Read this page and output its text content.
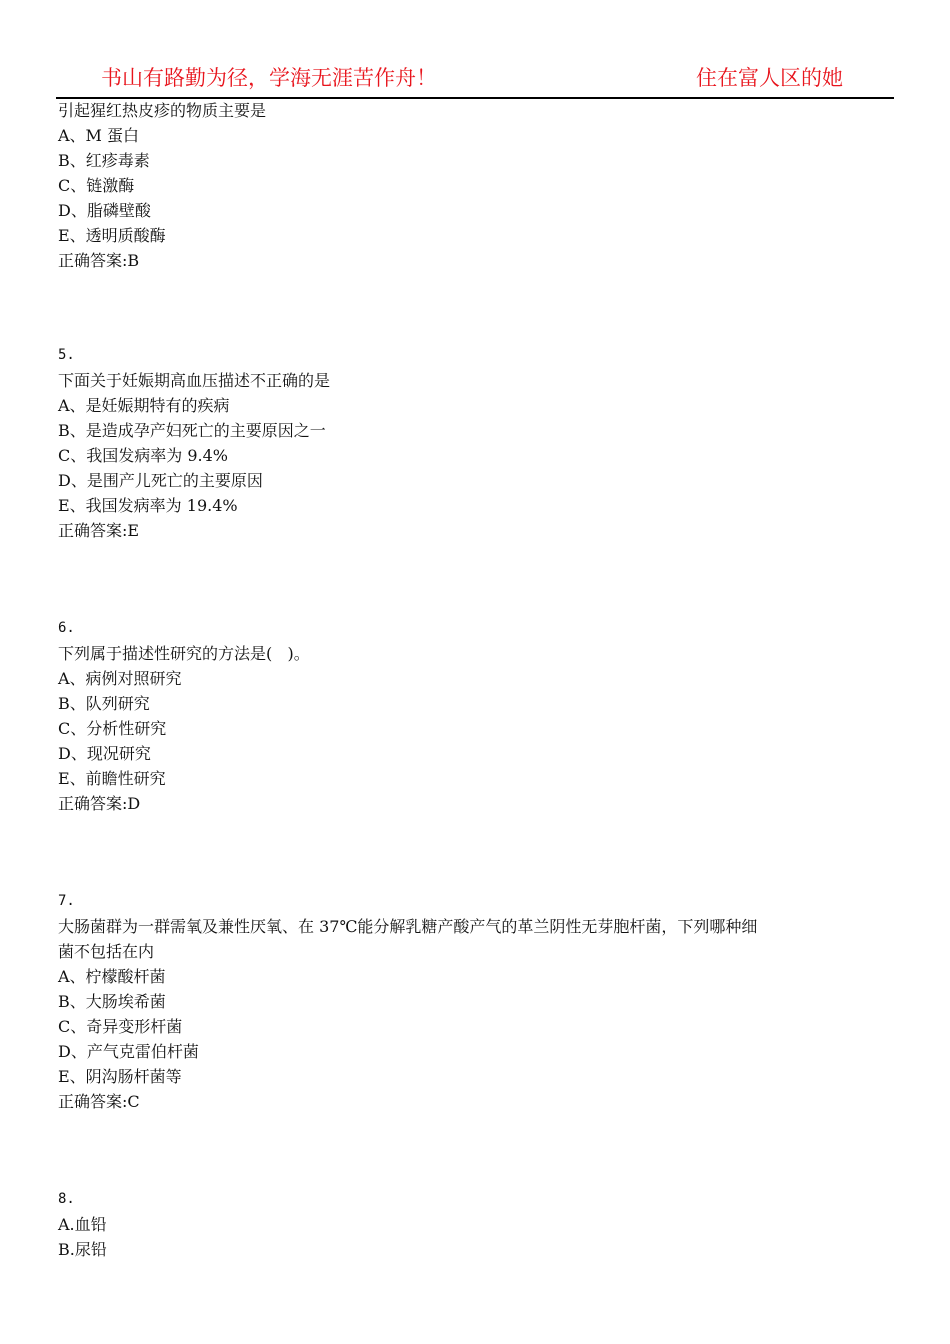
书山有路勤为径，学海无涯苦作舟！	住在富人区的她
引起猩红热皮疹的物质主要是
A、M 蛋白
B、红疹毒素
C、链激酶
D、脂磷壁酸
E、透明质酸酶
正确答案:B
5.
下面关于妊娠期高血压描述不正确的是
A、是妊娠期特有的疾病
B、是造成孕产妇死亡的主要原因之一
C、我国发病率为 9.4%
D、是围产儿死亡的主要原因
E、我国发病率为 19.4%
正确答案:E
6.
下列属于描述性研究的方法是(   )。
A、病例对照研究
B、队列研究
C、分析性研究
D、现况研究
E、前瞻性研究
正确答案:D
7.
大肠菌群为一群需氧及兼性厌氧、在 37℃能分解乳糖产酸产气的革兰阴性无芽胞杆菌，下列哪种细
菌不包括在内
A、柠檬酸杆菌
B、大肠埃希菌
C、奇异变形杆菌
D、产气克雷伯杆菌
E、阴沟肠杆菌等
正确答案:C
8.
A.血铅
B.尿铅
